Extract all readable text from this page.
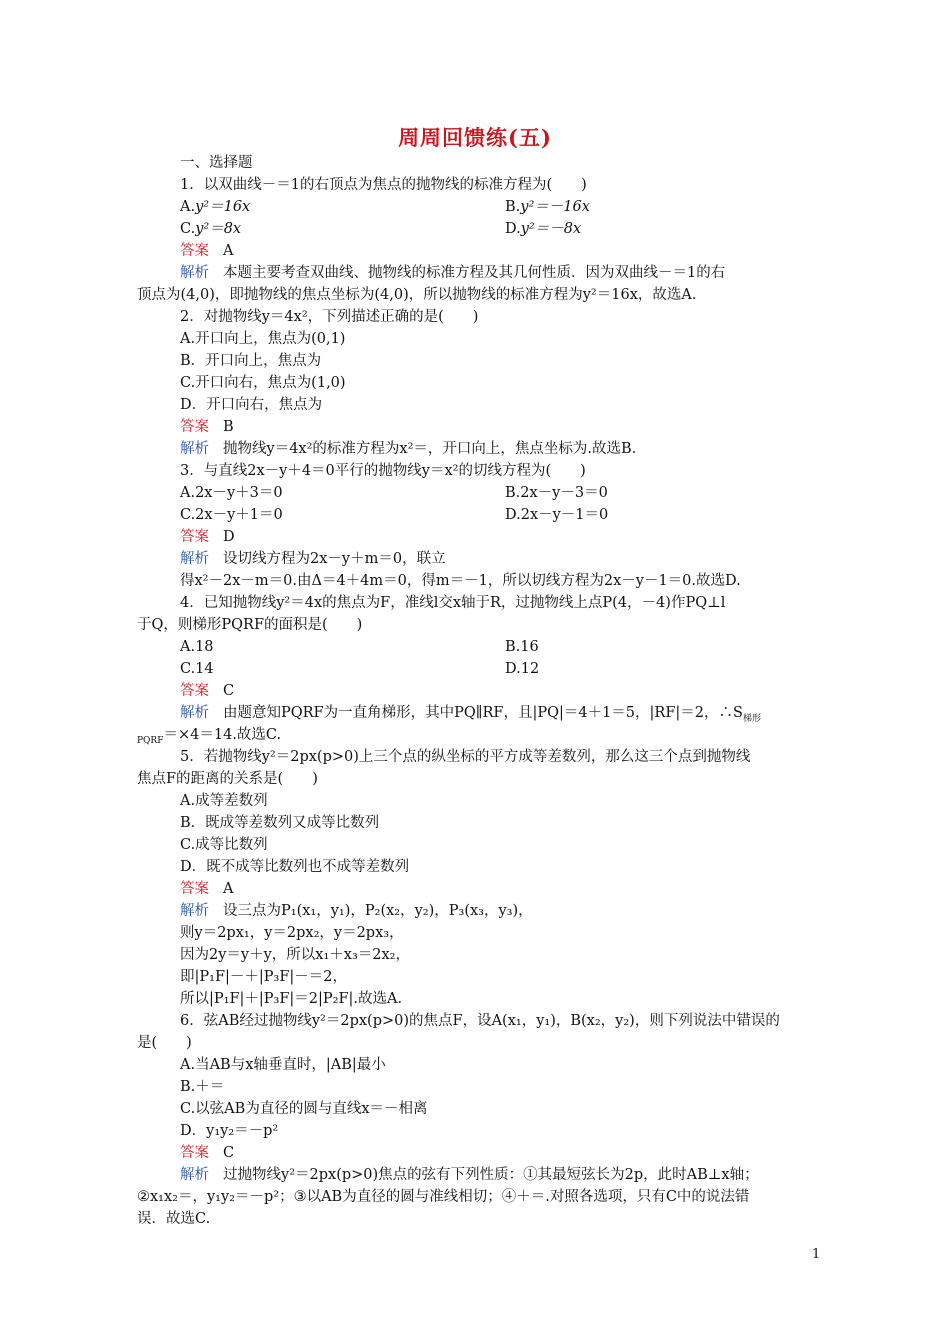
周周回馈练(五)
一、选择题
1．以双曲线－＝1的右顶点为焦点的抛物线的标准方程为(　　)
A.y²＝16x	B.y²＝－16x
C.y²＝8x	D.y²＝－8x
答案 A
解析 本题主要考查双曲线、抛物线的标准方程及其几何性质．因为双曲线－＝1的右
顶点为(4,0)，即抛物线的焦点坐标为(4,0)，所以抛物线的标准方程为y²＝16x，故选A.
2．对抛物线y＝4x²，下列描述正确的是(　　)
A.开口向上，焦点为(0,1)
B．开口向上，焦点为
C.开口向右，焦点为(1,0)
D．开口向右，焦点为
答案 B
解析 抛物线y＝4x²的标准方程为x²＝，开口向上，焦点坐标为.故选B.
3．与直线2x－y＋4＝0平行的抛物线y＝x²的切线方程为(　　)
A.2x－y＋3＝0	B.2x－y－3＝0
C.2x－y＋1＝0	D.2x－y－1＝0
答案 D
解析 设切线方程为2x－y＋m＝0，联立
得x²－2x－m＝0.由Δ＝4＋4m＝0，得m＝－1，所以切线方程为2x－y－1＝0.故选D.
4．已知抛物线y²＝4x的焦点为F，准线l交x轴于R，过抛物线上点P(4，－4)作PQ⊥l
于Q，则梯形PQRF的面积是(　　)
A.18	B.16
C.14	D.12
答案 C
解析 由题意知PQRF为一直角梯形，其中PQ∥RF，且|PQ|＝4＋1＝5，|RF|＝2，$\therefore S_{梯形}$
$_{PQRF}$＝×4＝14.故选C.
5．若抛物线y²＝2px(p>0)上三个点的纵坐标的平方成等差数列，那么这三个点到抛物线
焦点F的距离的关系是(　　)
A.成等差数列
B．既成等差数列又成等比数列
C.成等比数列
D．既不成等比数列也不成等差数列
答案 A
解析 设三点为P₁(x₁，y₁)，P₂(x₂，y₂)，P₃(x₃，y₃)，
则y＝2px₁，y＝2px₂，y＝2px₃，
因为2y＝y＋y，所以x₁＋x₃＝2x₂，
即|P₁F|－＋|P₃F|－＝2，
所以|P₁F|＋|P₃F|＝2|P₂F|.故选A.
6．弦AB经过抛物线y²＝2px(p>0)的焦点F，设A(x₁，y₁)，B(x₂，y₂)，则下列说法中错误的
是(　　)
A.当AB与x轴垂直时，|AB|最小
B.＋＝
C.以弦AB为直径的圆与直线x＝－相离
D．y₁y₂＝－p²
答案 C
解析 过抛物线y²＝2px(p>0)焦点的弦有下列性质：①其最短弦长为2p，此时AB⊥x轴；
②x₁x₂＝，y₁y₂＝－p²；③以AB为直径的圆与准线相切；④＋＝.对照各选项，只有C中的说法错
误．故选C.
1
